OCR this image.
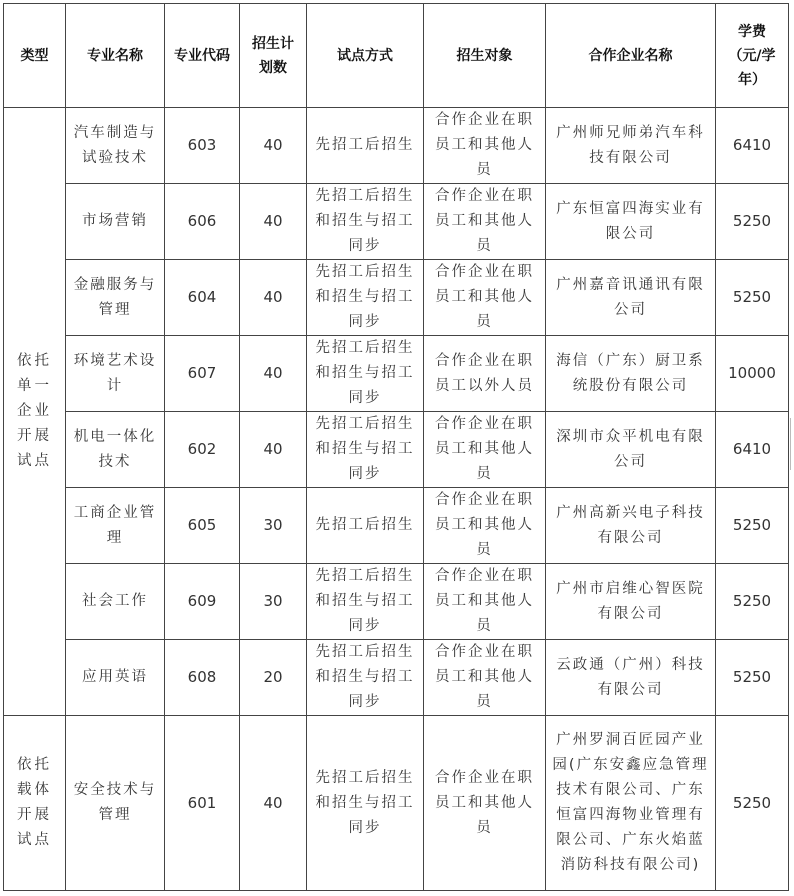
类型	专业名称	专业代码	招生计划数	试点方式	招生对象	合作企业名称	学费（元/学年）
依托单一企业开展试点	汽车制造与试验技术	603	40	先招工后招生	合作企业在职员工和其他人员	广州师兄师弟汽车科技有限公司	6410
	市场营销	606	40	先招工后招生和招生与招工同步	合作企业在职员工和其他人员	广东恒富四海实业有限公司	5250
	金融服务与管理	604	40	先招工后招生和招生与招工同步	合作企业在职员工和其他人员	广州嘉音讯通讯有限公司	5250
	环境艺术设计	607	40	先招工后招生和招生与招工同步	合作企业在职员工以外人员	海信（广东）厨卫系统股份有限公司	10000
	机电一体化技术	602	40	先招工后招生和招生与招工同步	合作企业在职员工和其他人员	深圳市众平机电有限公司	6410
	工商企业管理	605	30	先招工后招生	合作企业在职员工和其他人员	广州高新兴电子科技有限公司	5250
	社会工作	609	30	先招工后招生和招生与招工同步	合作企业在职员工和其他人员	广州市启维心智医院有限公司	5250
	应用英语	608	20	先招工后招生和招生与招工同步	合作企业在职员工和其他人员	云政通（广州）科技有限公司	5250
依托载体开展试点	安全技术与管理	601	40	先招工后招生和招生与招工同步	合作企业在职员工和其他人员	广州罗洞百匠园产业园(广东安鑫应急管理技术有限公司、广东恒富四海物业管理有限公司、广东火焰蓝消防科技有限公司)	5250
